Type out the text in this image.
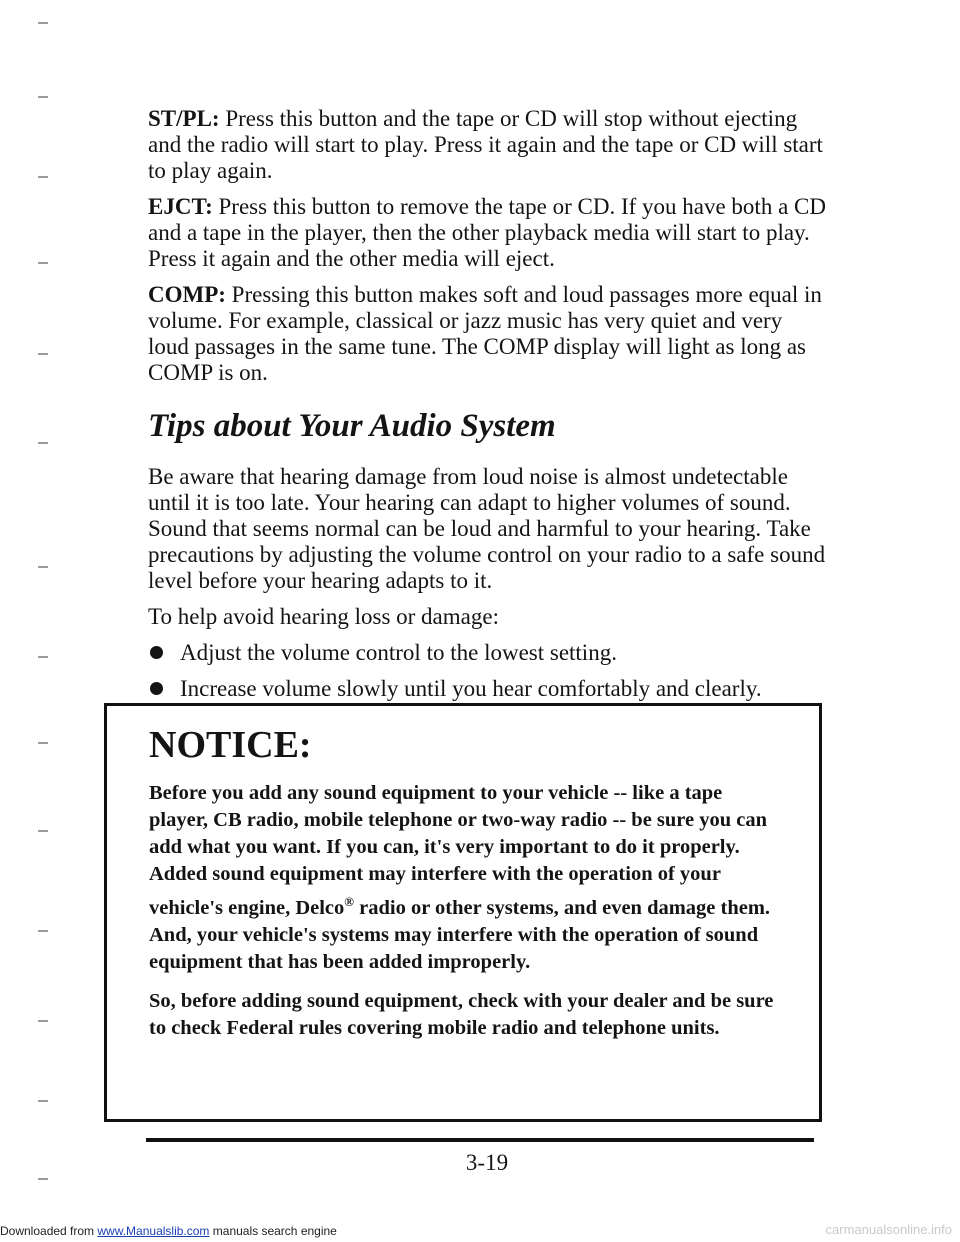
ST/PL: Press this button and the tape or CD will stop without ejecting and the radio will start to play. Press it again and the tape or CD will start to play again.

EJCT: Press this button to remove the tape or CD. If you have both a CD and a tape in the player, then the other playback media will start to play. Press it again and the other media will eject.

COMP: Pressing this button makes soft and loud passages more equal in volume. For example, classical or jazz music has very quiet and very loud passages in the same tune. The COMP display will light as long as COMP is on.

Tips about Your Audio System

Be aware that hearing damage from loud noise is almost undetectable until it is too late. Your hearing can adapt to higher volumes of sound. Sound that seems normal can be loud and harmful to your hearing. Take precautions by adjusting the volume control on your radio to a safe sound level before your hearing adapts to it.

To help avoid hearing loss or damage:

Adjust the volume control to the lowest setting.
Increase volume slowly until you hear comfortably and clearly.
NOTICE:

Before you add any sound equipment to your vehicle -- like a tape player, CB radio, mobile telephone or two-way radio -- be sure you can add what you want. If you can, it's very important to do it properly. Added sound equipment may interfere with the operation of your vehicle's engine, Delco® radio or other systems, and even damage them. And, your vehicle's systems may interfere with the operation of sound equipment that has been added improperly.

So, before adding sound equipment, check with your dealer and be sure to check Federal rules covering mobile radio and telephone units.

3-19
Downloaded from www.Manualslib.com manuals search engine	carmanualsonline.info
